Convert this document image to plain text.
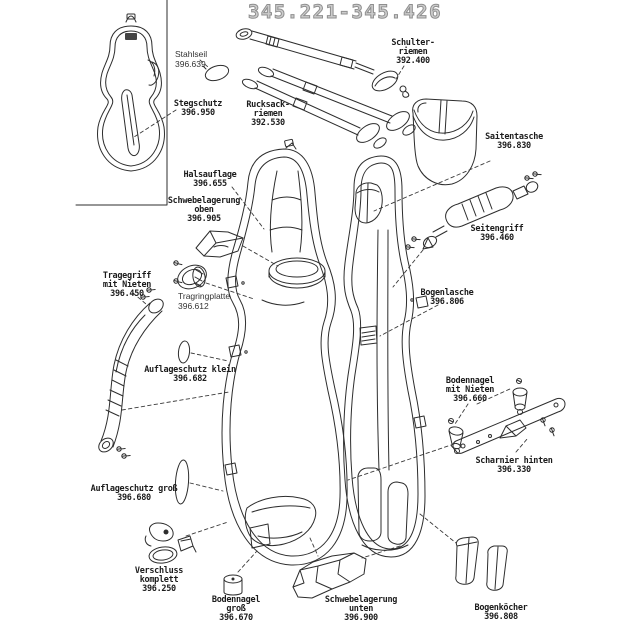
345.221-345.426
Stahlseil
396.639
Stegschutz
396.950
Schulter-
riemen
392.400
Rucksack-
riemen
392.530
Saitentasche
396.830
Halsauflage
396.655
Schwebelagerung
oben
396.905
Seitengriff
396.460
Tragegriff
mit Nieten
396.450	Tragringplatte
396.612
Bogenlasche
396.806
Auflageschutz klein
396.682	Bodennagel
mit Nieten
396.660
Scharnier hinten
396.330
Auflageschutz groß
396.680
Verschluss
komplett
396.250
Bodennagel
groß
396.670
Schwebelagerung
unten
396.900
Bogenköcher
396.808
